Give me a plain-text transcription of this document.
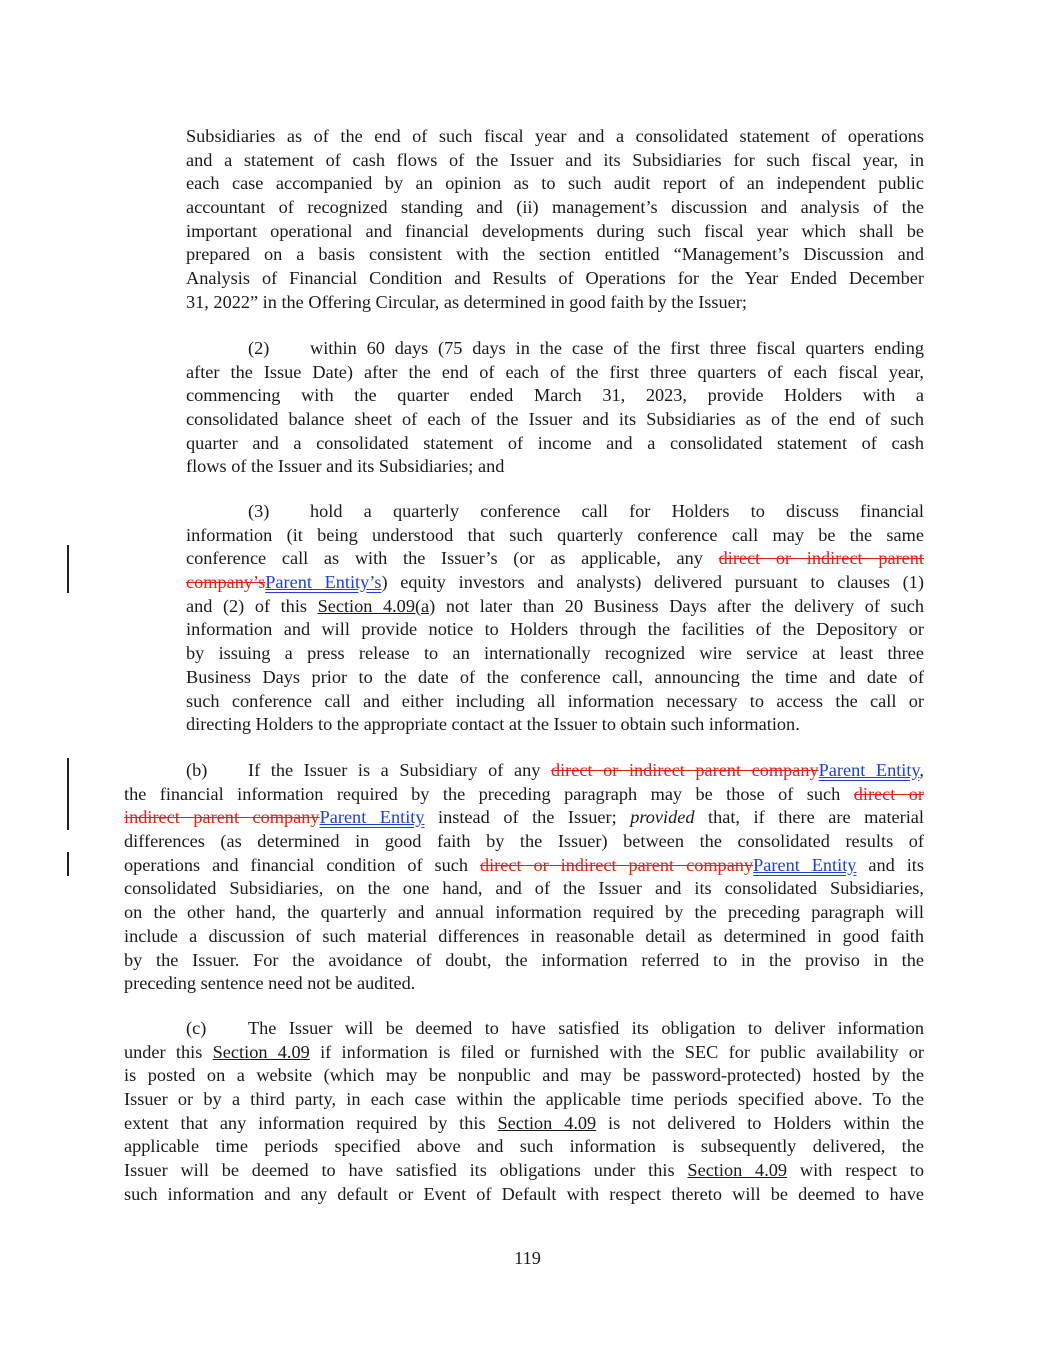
Subsidiaries as of the end of such fiscal year and a consolidated statement of operations
and a statement of cash flows of the Issuer and its Subsidiaries for such fiscal year, in
each case accompanied by an opinion as to such audit report of an independent public
accountant of recognized standing and (ii) management’s discussion and analysis of the
important operational and financial developments during such fiscal year which shall be
prepared on a basis consistent with the section entitled “Management’s Discussion and
Analysis of Financial Condition and Results of Operations for the Year Ended December
31, 2022” in the Offering Circular, as determined in good faith by the Issuer;
(2) within 60 days (75 days in the case of the first three fiscal quarters ending
after the Issue Date) after the end of each of the first three quarters of each fiscal year,
commencing with the quarter ended March 31, 2023, provide Holders with a
consolidated balance sheet of each of the Issuer and its Subsidiaries as of the end of such
quarter and a consolidated statement of income and a consolidated statement of cash
flows of the Issuer and its Subsidiaries; and
(3) hold a quarterly conference call for Holders to discuss financial
information (it being understood that such quarterly conference call may be the same
conference call as with the Issuer’s (or as applicable, any direct or indirect parent
company’sParent Entity’s) equity investors and analysts) delivered pursuant to clauses (1)
and (2) of this Section 4.09(a) not later than 20 Business Days after the delivery of such
information and will provide notice to Holders through the facilities of the Depository or
by issuing a press release to an internationally recognized wire service at least three
Business Days prior to the date of the conference call, announcing the time and date of
such conference call and either including all information necessary to access the call or
directing Holders to the appropriate contact at the Issuer to obtain such information.
(b) If the Issuer is a Subsidiary of any direct or indirect parent companyParent Entity,
the financial information required by the preceding paragraph may be those of such direct or
indirect parent companyParent Entity instead of the Issuer; provided that, if there are material
differences (as determined in good faith by the Issuer) between the consolidated results of
operations and financial condition of such direct or indirect parent companyParent Entity and its
consolidated Subsidiaries, on the one hand, and of the Issuer and its consolidated Subsidiaries,
on the other hand, the quarterly and annual information required by the preceding paragraph will
include a discussion of such material differences in reasonable detail as determined in good faith
by the Issuer. For the avoidance of doubt, the information referred to in the proviso in the
preceding sentence need not be audited.
(c) The Issuer will be deemed to have satisfied its obligation to deliver information
under this Section 4.09 if information is filed or furnished with the SEC for public availability or
is posted on a website (which may be nonpublic and may be password-protected) hosted by the
Issuer or by a third party, in each case within the applicable time periods specified above. To the
extent that any information required by this Section 4.09 is not delivered to Holders within the
applicable time periods specified above and such information is subsequently delivered, the
Issuer will be deemed to have satisfied its obligations under this Section 4.09 with respect to
such information and any default or Event of Default with respect thereto will be deemed to have
119
